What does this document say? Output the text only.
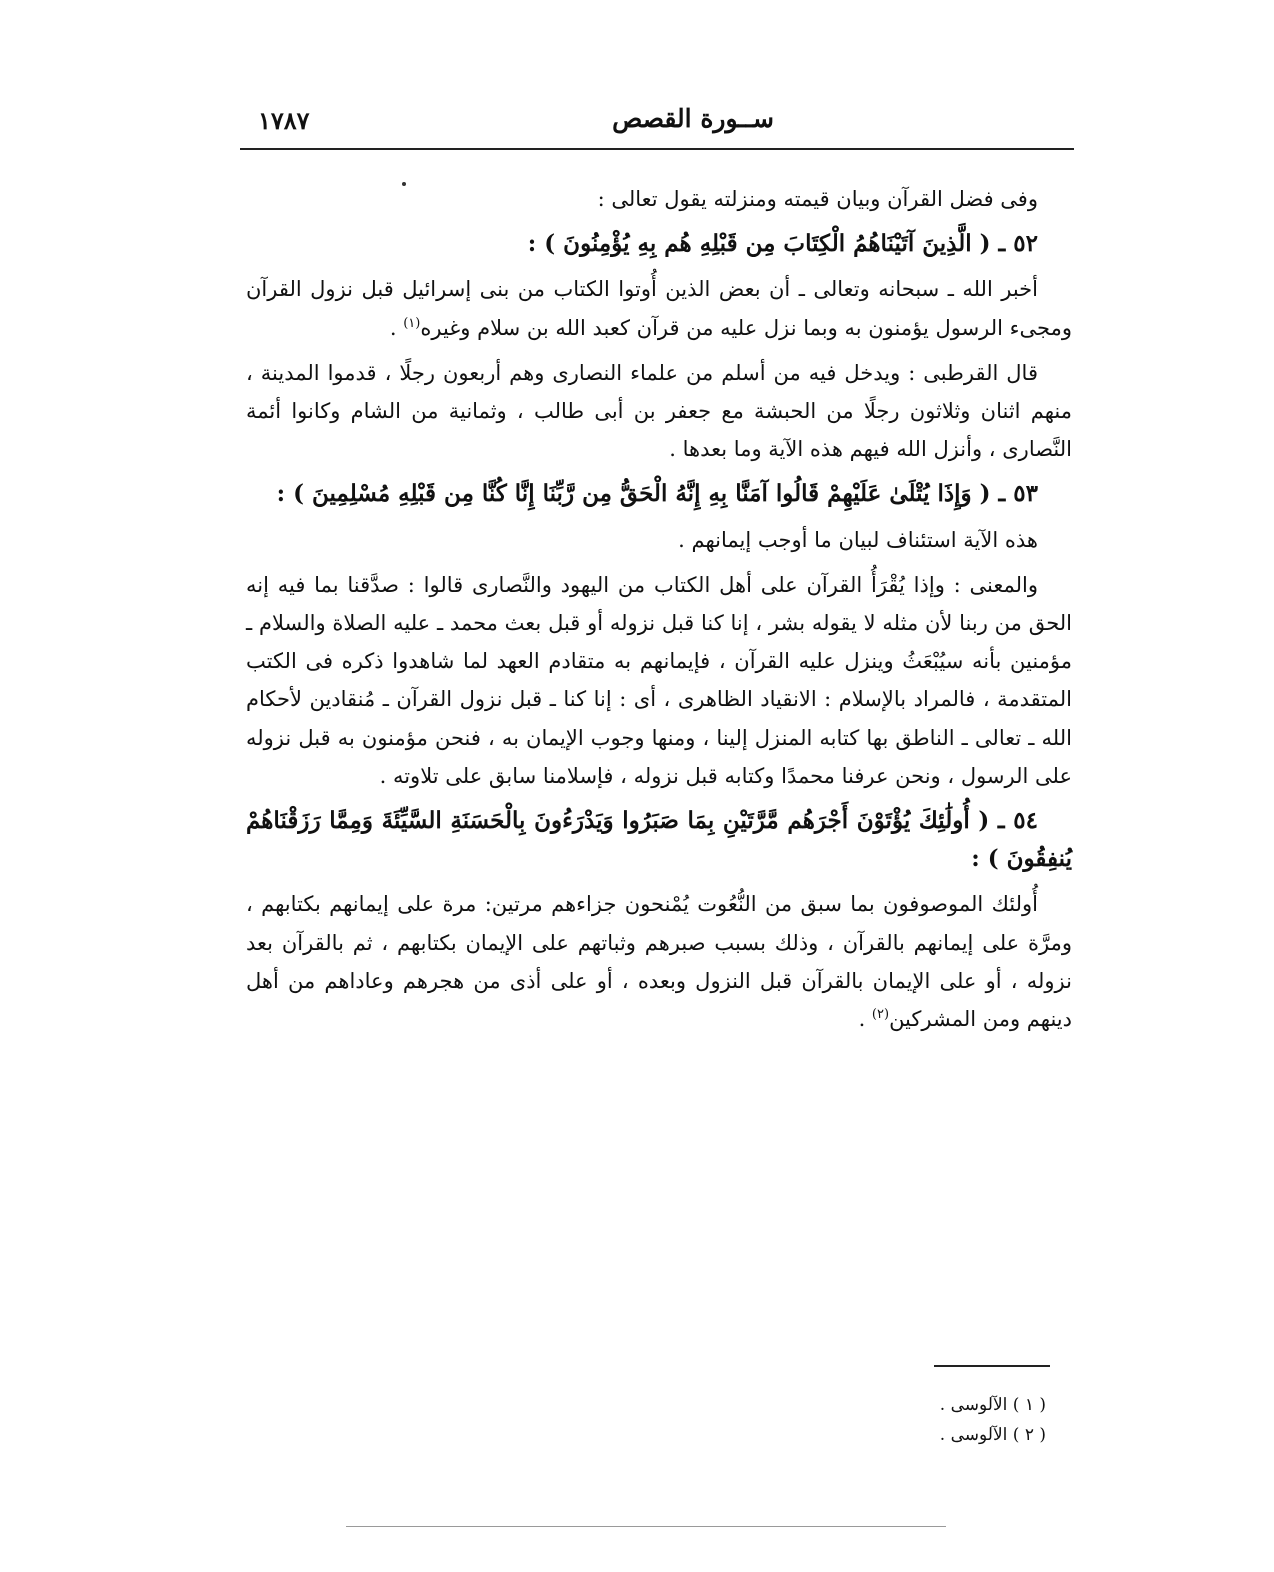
ســورة القصص
١٧٨٧

وفى فضل القرآن وبيان قيمته ومنزلته يقول تعالى :

٥٢ ـ ( الَّذِينَ آتَيْنَاهُمُ الْكِتَابَ مِن قَبْلِهِ هُم بِهِ يُؤْمِنُونَ ) :

أخبر الله ـ سبحانه وتعالى ـ أن بعض الذين أُوتوا الكتاب من بنى إسرائيل قبل نزول القرآن ومجىء الرسول يؤمنون به وبما نزل عليه من قرآن كعبد الله بن سلام وغيره$^{(١)}$ .

قال القرطبى : ويدخل فيه من أسلم من علماء النصارى وهم أربعون رجلًا ، قدموا المدينة ، منهم اثنان وثلاثون رجلًا من الحبشة مع جعفر بن أبى طالب ، وثمانية من الشام وكانوا أئمة النَّصارى ، وأنزل الله فيهم هذه الآية وما بعدها .

٥٣ ـ ( وَإِذَا يُتْلَىٰ عَلَيْهِمْ قَالُوا آمَنَّا بِهِ إِنَّهُ الْحَقُّ مِن رَّبِّنَا إِنَّا كُنَّا مِن قَبْلِهِ مُسْلِمِينَ ) :

هذه الآية استئناف لبيان ما أوجب إيمانهم .

والمعنى : وإذا يُقْرَأُ القرآن على أهل الكتاب من اليهود والنَّصارى قالوا : صدَّقنا بما فيه إنه الحق من ربنا لأن مثله لا يقوله بشر ، إنا كنا قبل نزوله أو قبل بعث محمد ـ عليه الصلاة والسلام ـ مؤمنين بأنه سيُبْعَثُ وينزل عليه القرآن ، فإيمانهم به متقادم العهد لما شاهدوا ذكره فى الكتب المتقدمة ، فالمراد بالإسلام : الانقياد الظاهرى ، أى : إنا كنا ـ قبل نزول القرآن ـ مُنقادين لأحكام الله ـ تعالى ـ الناطق بها كتابه المنزل إلينا ، ومنها وجوب الإيمان به ، فنحن مؤمنون به قبل نزوله على الرسول ، ونحن عرفنا محمدًا وكتابه قبل نزوله ، فإسلامنا سابق على تلاوته .

٥٤ ـ ( أُولَٰئِكَ يُؤْتَوْنَ أَجْرَهُم مَّرَّتَيْنِ بِمَا صَبَرُوا وَيَدْرَءُونَ بِالْحَسَنَةِ السَّيِّئَةَ وَمِمَّا رَزَقْنَاهُمْ يُنفِقُونَ ) :

أُولئك الموصوفون بما سبق من النُّعُوت يُمْنحون جزاءهم مرتين: مرة على إيمانهم بكتابهم ، ومرَّة على إيمانهم بالقرآن ، وذلك بسبب صبرهم وثباتهم على الإيمان بكتابهم ، ثم بالقرآن بعد نزوله ، أو على الإيمان بالقرآن قبل النزول وبعده ، أو على أذى من هجرهم وعاداهم من أهل دينهم ومن المشركين$^{(٢)}$ .

( ١ ) الآلوسى .
( ٢ ) الآلوسى .
